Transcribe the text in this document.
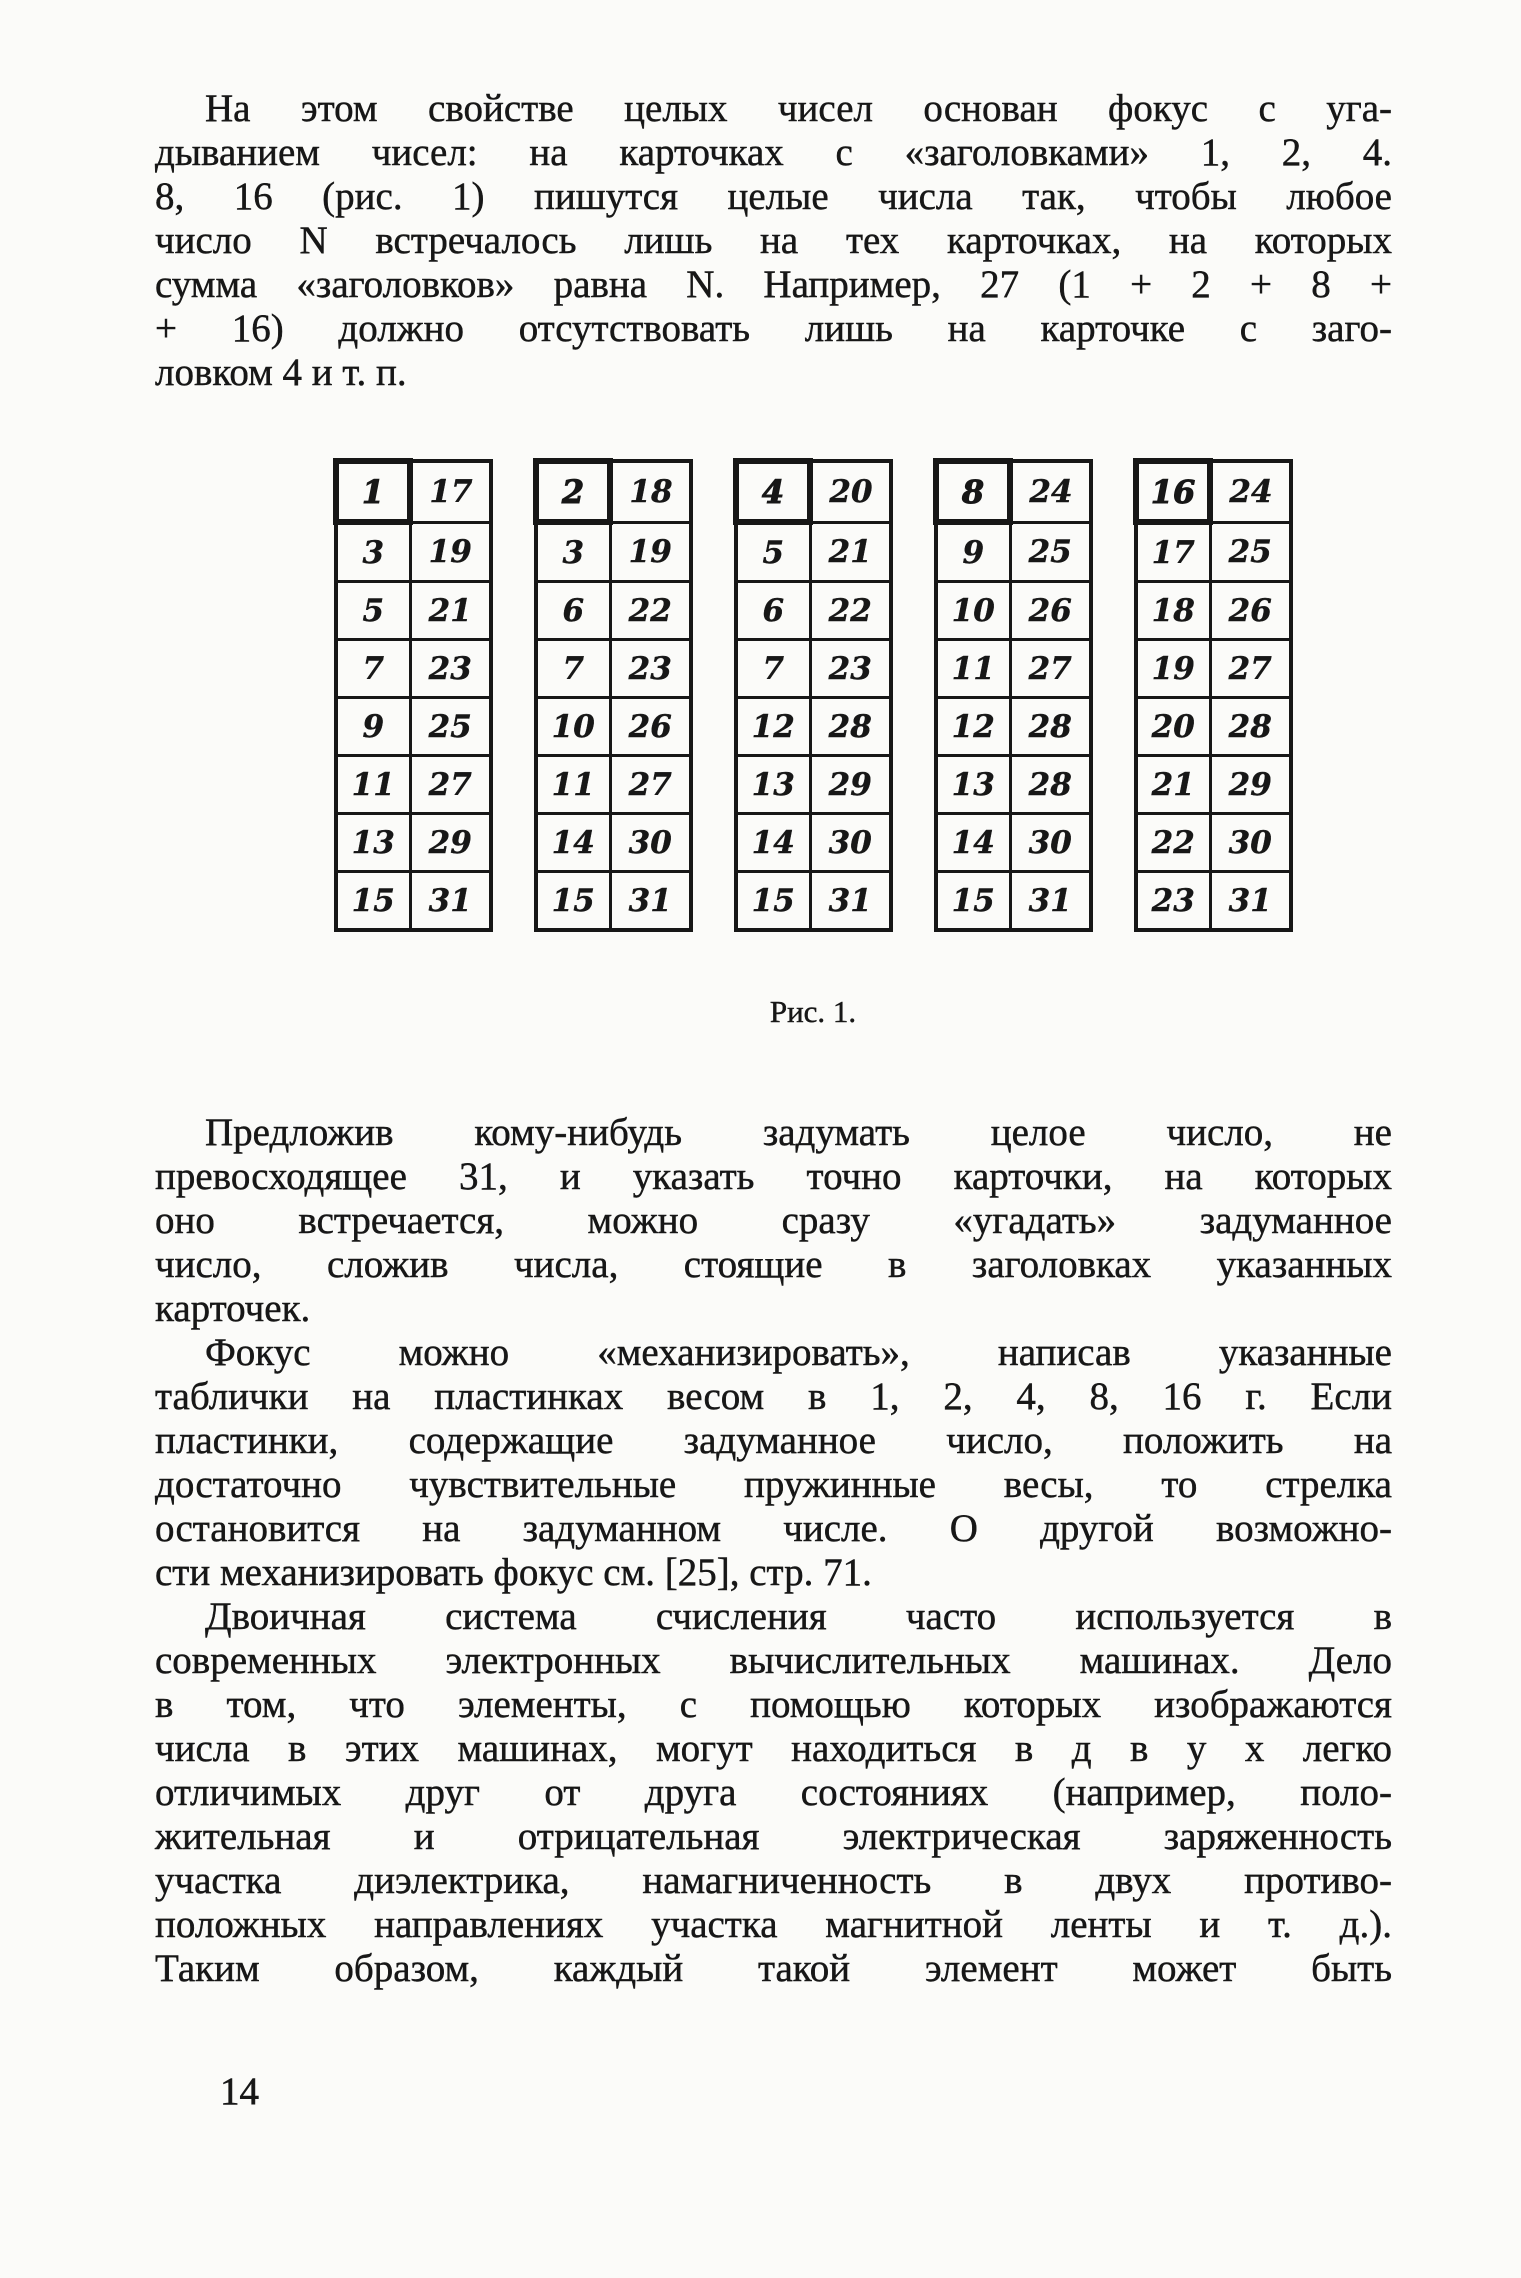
На этом свойстве целых чисел основан фокус с уга-
дыванием чисел: на карточках с «заголовками» 1, 2, 4.
8, 16 (рис. 1) пишутся целые числа так, чтобы любое
число N встречалось лишь на тех карточках, на которых
сумма «заголовков» равна N. Например, 27 (1 + 2 + 8 +
+ 16) должно отсутствовать лишь на карточке с заго-
ловком 4 и т. п.
1	17
3	19
5	21
7	23
9	25
11	27
13	29
15	31
2	18
3	19
6	22
7	23
10	26
11	27
14	30
15	31
4	20
5	21
6	22
7	23
12	28
13	29
14	30
15	31
8	24
9	25
10	26
11	27
12	28
13	28
14	30
15	31
16	24
17	25
18	26
19	27
20	28
21	29
22	30
23	31
Рис. 1.
Предложив кому-нибудь задумать целое число, не
превосходящее 31, и указать точно карточки, на которых
оно встречается, можно сразу «угадать» задуманное
число, сложив числа, стоящие в заголовках указанных
карточек.
Фокус можно «механизировать», написав указанные
таблички на пластинках весом в 1, 2, 4, 8, 16 г. Если
пластинки, содержащие задуманное число, положить на
достаточно чувствительные пружинные весы, то стрелка
остановится на задуманном числе. О другой возможно-
сти механизировать фокус см. [25], стр. 71.
Двоичная система счисления часто используется в
современных электронных вычислительных машинах. Дело
в том, что элементы, с помощью которых изображаются
числа в этих машинах, могут находиться в д в у х легко
отличимых друг от друга состояниях (например, поло-
жительная и отрицательная электрическая заряженность
участка диэлектрика, намагниченность в двух противо-
положных направлениях участка магнитной ленты и т. д.).
Таким образом, каждый такой элемент может быть
14
